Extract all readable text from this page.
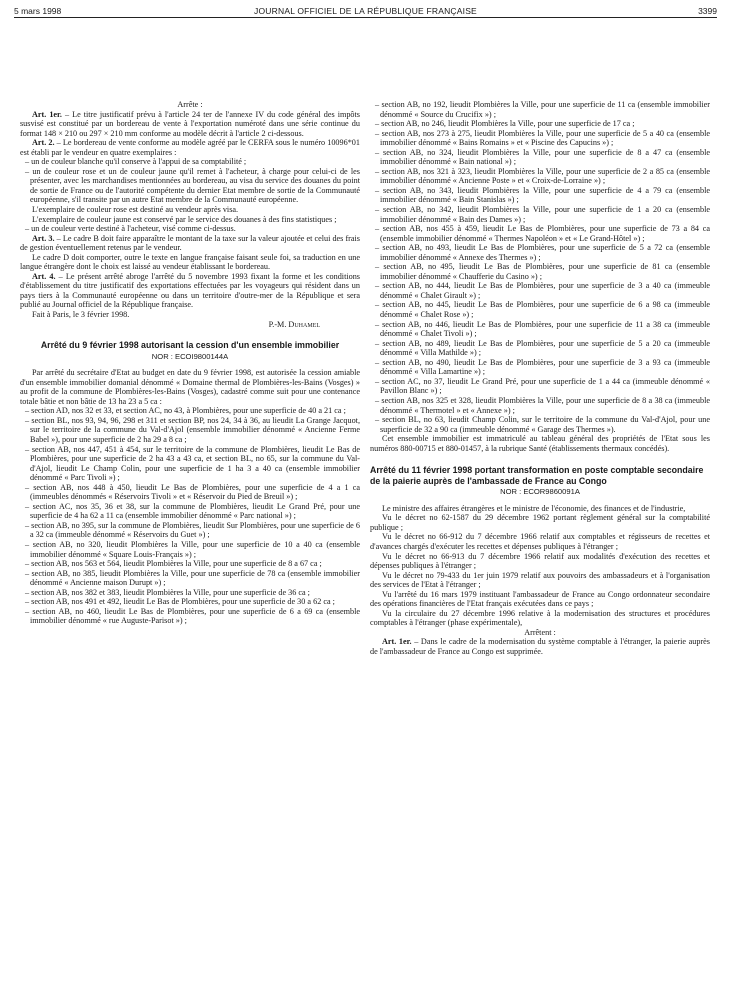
5 mars 1998	JOURNAL OFFICIEL DE LA RÉPUBLIQUE FRANÇAISE	3399

Arrête :

Art. 1er. – Le titre justificatif prévu à l'article 24 ter de l'annexe IV du code général des impôts susvisé est constitué par un bordereau de vente à l'exportation numéroté dans une série continue du format 148 × 210 ou 297 × 210 mm conforme au modèle décrit à l'article 2 ci-dessous.

Art. 2. – Le bordereau de vente conforme au modèle agréé par le CERFA sous le numéro 10096*01 est établi par le vendeur en quatre exemplaires :

– un de couleur blanche qu'il conserve à l'appui de sa comptabilité ;
– un de couleur rose et un de couleur jaune qu'il remet à l'acheteur, à charge pour celui-ci de les présenter, avec les marchandises mentionnées au bordereau, au visa du service des douanes du point de sortie de France ou de l'autorité compétente du dernier Etat membre de sortie de la Communauté européenne, s'il transite par un autre Etat membre de la Communauté européenne.

L'exemplaire de couleur rose est destiné au vendeur après visa.

L'exemplaire de couleur jaune est conservé par le service des douanes à des fins statistiques ;

– un de couleur verte destiné à l'acheteur, visé comme ci-dessus.

Art. 3. – Le cadre B doit faire apparaître le montant de la taxe sur la valeur ajoutée et celui des frais de gestion éventuellement retenus par le vendeur.

Le cadre D doit comporter, outre le texte en langue française faisant seule foi, sa traduction en une langue étrangère dont le choix est laissé au vendeur établissant le bordereau.

Art. 4. – Le présent arrêté abroge l'arrêté du 5 novembre 1993 fixant la forme et les conditions d'établissement du titre justificatif des exportations effectuées par les voyageurs qui résident dans un pays tiers à la Communauté européenne ou dans un territoire d'outre-mer de la République et sera publié au Journal officiel de la République française.

Fait à Paris, le 3 février 1998.

P.-M. Duhamel

Arrêté du 9 février 1998 autorisant la cession d'un ensemble immobilier
NOR : ECOI9800144A

Par arrêté du secrétaire d'Etat au budget en date du 9 février 1998, est autorisée la cession amiable d'un ensemble immobilier domanial dénommé « Domaine thermal de Plombières-les-Bains (Vosges) » au profit de la commune de Plombières-les-Bains (Vosges), cadastré comme suit pour une contenance totale bâtie et non bâtie de 13 ha 23 a 5 ca :

– section AD, nos 32 et 33, et section AC, no 43, à Plombières, pour une superficie de 40 a 21 ca ;
– section BL, nos 93, 94, 96, 298 et 311 et section BP, nos 24, 34 à 36, au lieudit La Grange Jacquot, sur le territoire de la commune du Val-d'Ajol (ensemble immobilier dénommé « Ancienne Ferme Babel »), pour une superficie de 2 ha 29 a 8 ca ;
– section AB, nos 447, 451 à 454, sur le territoire de la commune de Plombières, lieudit Le Bas de Plombières, pour une superficie de 2 ha 43 a 43 ca, et section BL, no 65, sur la commune du Val-d'Ajol, lieudit Le Champ Colin, pour une superficie de 1 ha 3 a 40 ca (ensemble immobilier dénommé « Parc Tivoli ») ;
– section AB, nos 448 à 450, lieudit Le Bas de Plombières, pour une superficie de 4 a 1 ca (immeubles dénommés « Réservoirs Tivoli » et « Réservoir du Pied de Breuil ») ;
– section AC, nos 35, 36 et 38, sur la commune de Plombières, lieudit Le Grand Pré, pour une superficie de 4 ha 62 a 11 ca (ensemble immobilier dénommé « Parc national ») ;
– section AB, no 395, sur la commune de Plombières, lieudit Sur Plombières, pour une superficie de 6 a 32 ca (immeuble dénommé « Réservoirs du Guet ») ;
– section AB, no 320, lieudit Plombières la Ville, pour une superficie de 10 a 40 ca (ensemble immobilier dénommé « Square Louis-Français ») ;
– section AB, nos 563 et 564, lieudit Plombières la Ville, pour une superficie de 8 a 67 ca ;
– section AB, no 385, lieudit Plombières la Ville, pour une superficie de 78 ca (ensemble immobilier dénommé « Ancienne maison Durupt ») ;
– section AB, nos 382 et 383, lieudit Plombières la Ville, pour une superficie de 36 ca ;
– section AB, nos 491 et 492, lieudit Le Bas de Plombières, pour une superficie de 30 a 62 ca ;
– section AB, no 460, lieudit Le Bas de Plombières, pour une superficie de 6 a 69 ca (ensemble immobilier dénommé « rue Auguste-Parisot ») ;
– section AB, no 192, lieudit Plombières la Ville, pour une superficie de 11 ca (ensemble immobilier dénommé « Source du Crucifix ») ;
– section AB, no 246, lieudit Plombières la Ville, pour une superficie de 17 ca ;
– section AB, nos 273 à 275, lieudit Plombières la Ville, pour une superficie de 5 a 40 ca (ensemble immobilier dénommé « Bains Romains » et « Piscine des Capucins ») ;
– section AB, no 324, lieudit Plombières la Ville, pour une superficie de 8 a 47 ca (ensemble immobilier dénommé « Bain national ») ;
– section AB, nos 321 à 323, lieudit Plombières la Ville, pour une superficie de 2 a 85 ca (ensemble immobilier dénommé « Ancienne Poste » et « Croix-de-Lorraine ») ;
– section AB, no 343, lieudit Plombières la Ville, pour une superficie de 4 a 79 ca (ensemble immobilier dénommé « Bain Stanislas ») ;
– section AB, no 342, lieudit Plombières la Ville, pour une superficie de 1 a 20 ca (ensemble immobilier dénommé « Bain des Dames ») ;
– section AB, nos 455 à 459, lieudit Le Bas de Plombières, pour une superficie de 73 a 84 ca (ensemble immobilier dénommé « Thermes Napoléon » et « Le Grand-Hôtel ») ;
– section AB, no 493, lieudit Le Bas de Plombières, pour une superficie de 5 a 72 ca (ensemble immobilier dénommé « Annexe des Thermes ») ;
– section AB, no 495, lieudit Le Bas de Plombières, pour une superficie de 81 ca (ensemble immobilier dénommé « Chaufferie du Casino ») ;
– section AB, no 444, lieudit Le Bas de Plombières, pour une superficie de 3 a 40 ca (immeuble dénommé « Chalet Girault ») ;
– section AB, no 445, lieudit Le Bas de Plombières, pour une superficie de 6 a 98 ca (immeuble dénommé « Chalet Rose ») ;
– section AB, no 446, lieudit Le Bas de Plombières, pour une superficie de 11 a 38 ca (immeuble dénommé « Chalet Tivoli ») ;
– section AB, no 489, lieudit Le Bas de Plombières, pour une superficie de 5 a 20 ca (immeuble dénommé « Villa Mathilde ») ;
– section AB, no 490, lieudit Le Bas de Plombières, pour une superficie de 3 a 93 ca (immeuble dénommé « Villa Lamartine ») ;
– section AC, no 37, lieudit Le Grand Pré, pour une superficie de 1 a 44 ca (immeuble dénommé « Pavillon Blanc ») ;
– section AB, nos 325 et 328, lieudit Plombières la Ville, pour une superficie de 8 a 38 ca (immeuble dénommé « Thermotel » et « Annexe ») ;
– section BL, no 63, lieudit Champ Colin, sur le territoire de la commune du Val-d'Ajol, pour une superficie de 32 a 90 ca (immeuble dénommé « Garage des Thermes »).

Cet ensemble immobilier est immatriculé au tableau général des propriétés de l'Etat sous les numéros 880-00715 et 880-01457, à la rubrique Santé (établissements thermaux concédés).

Arrêté du 11 février 1998 portant transformation en poste comptable secondaire de la paierie auprès de l'ambassade de France au Congo
NOR : ECOR9860091A

Le ministre des affaires étrangères et le ministre de l'économie, des finances et de l'industrie,

Vu le décret no 62-1587 du 29 décembre 1962 portant règlement général sur la comptabilité publique ;

Vu le décret no 66-912 du 7 décembre 1966 relatif aux comptables et régisseurs de recettes et d'avances chargés d'exécuter les recettes et dépenses publiques à l'étranger ;

Vu le décret no 66-913 du 7 décembre 1966 relatif aux modalités d'exécution des recettes et dépenses publiques à l'étranger ;

Vu le décret no 79-433 du 1er juin 1979 relatif aux pouvoirs des ambassadeurs et à l'organisation des services de l'Etat à l'étranger ;

Vu l'arrêté du 16 mars 1979 instituant l'ambassadeur de France au Congo ordonnateur secondaire des opérations financières de l'Etat français exécutées dans ce pays ;

Vu la circulaire du 27 décembre 1996 relative à la modernisation des structures et procédures comptables à l'étranger (phase expérimentale),

Arrêtent :

Art. 1er. – Dans le cadre de la modernisation du système comptable à l'étranger, la paierie auprès de l'ambassadeur de France au Congo est supprimée.
